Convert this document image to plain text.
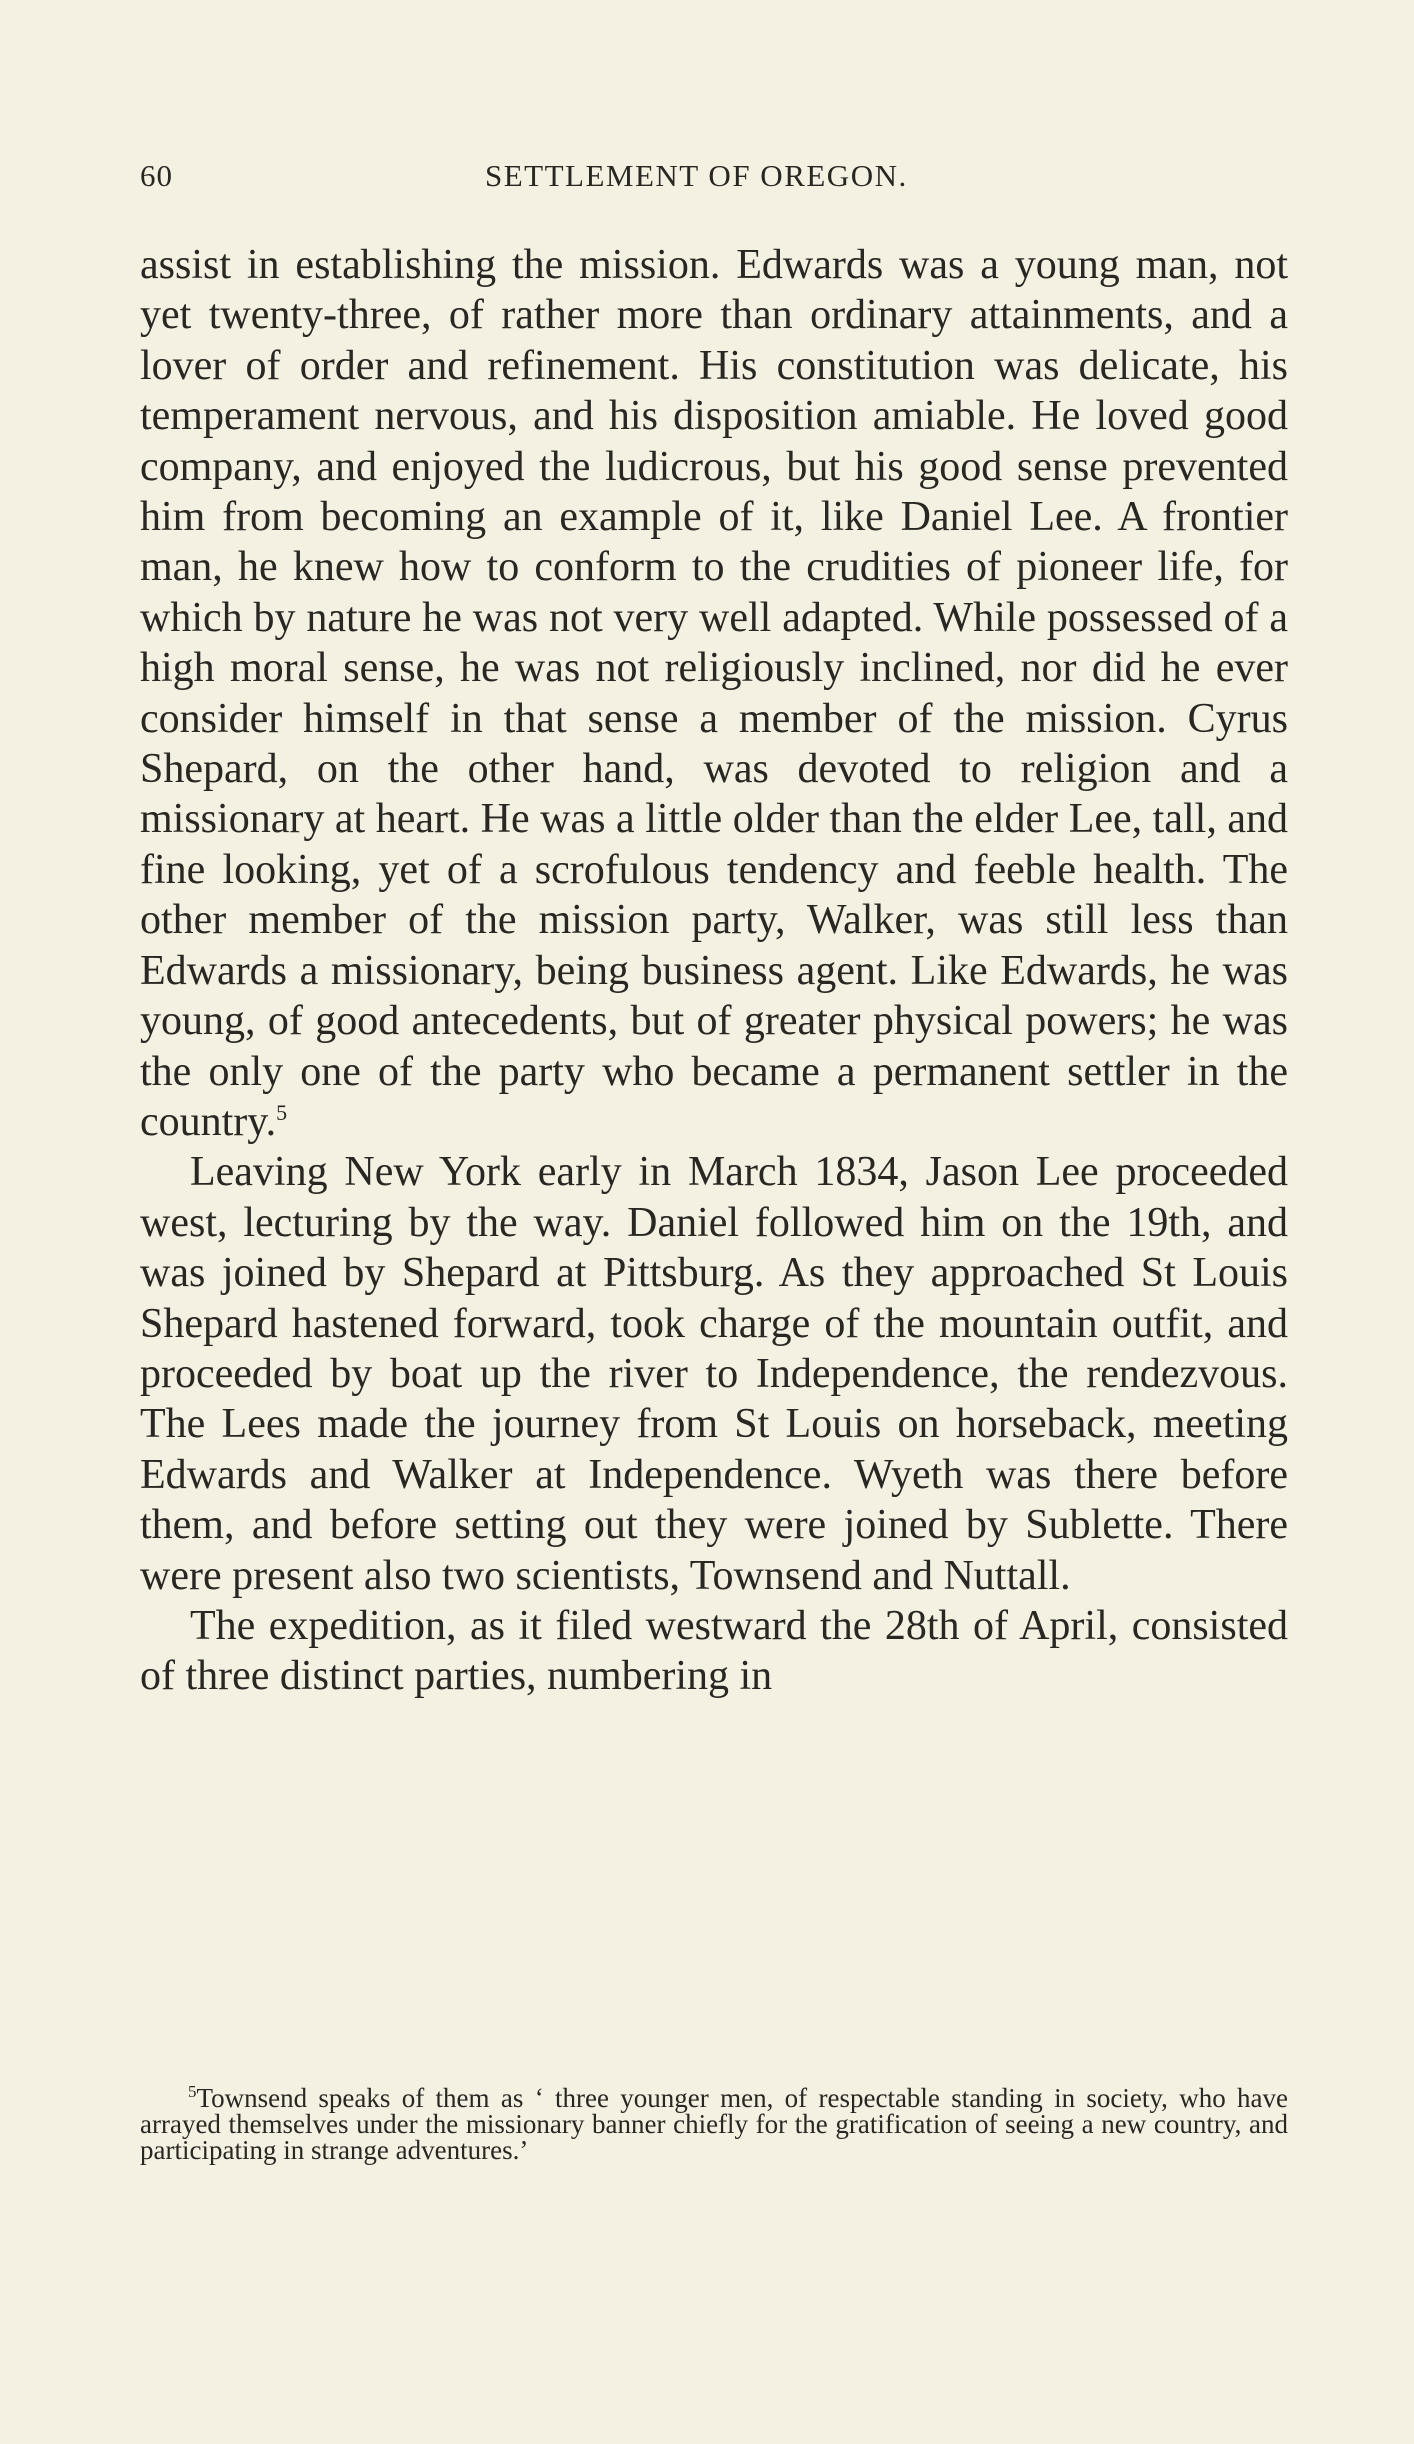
60	SETTLEMENT OF OREGON.

assist in establishing the mission. Edwards was a young man, not yet twenty-three, of rather more than ordinary attainments, and a lover of order and refinement. His constitution was delicate, his temperament nervous, and his disposition amiable. He loved good company, and enjoyed the ludicrous, but his good sense prevented him from becoming an example of it, like Daniel Lee. A frontier man, he knew how to conform to the crudities of pioneer life, for which by nature he was not very well adapted. While possessed of a high moral sense, he was not religiously inclined, nor did he ever consider himself in that sense a member of the mission. Cyrus Shepard, on the other hand, was devoted to religion and a missionary at heart. He was a little older than the elder Lee, tall, and fine looking, yet of a scrofulous tendency and feeble health. The other member of the mission party, Walker, was still less than Edwards a missionary, being business agent. Like Edwards, he was young, of good antecedents, but of greater physical powers; he was the only one of the party who became a permanent settler in the country.$^5$

Leaving New York early in March 1834, Jason Lee proceeded west, lecturing by the way. Daniel followed him on the 19th, and was joined by Shepard at Pittsburg. As they approached St Louis Shepard hastened forward, took charge of the mountain outfit, and proceeded by boat up the river to Independence, the rendezvous. The Lees made the journey from St Louis on horseback, meeting Edwards and Walker at Independence. Wyeth was there before them, and before setting out they were joined by Sublette. There were present also two scientists, Townsend and Nuttall.

The expedition, as it filed westward the 28th of April, consisted of three distinct parties, numbering in

$^5$Townsend speaks of them as ‘ three younger men, of respectable standing in society, who have arrayed themselves under the missionary banner chiefly for the gratification of seeing a new country, and participating in strange adventures.’
